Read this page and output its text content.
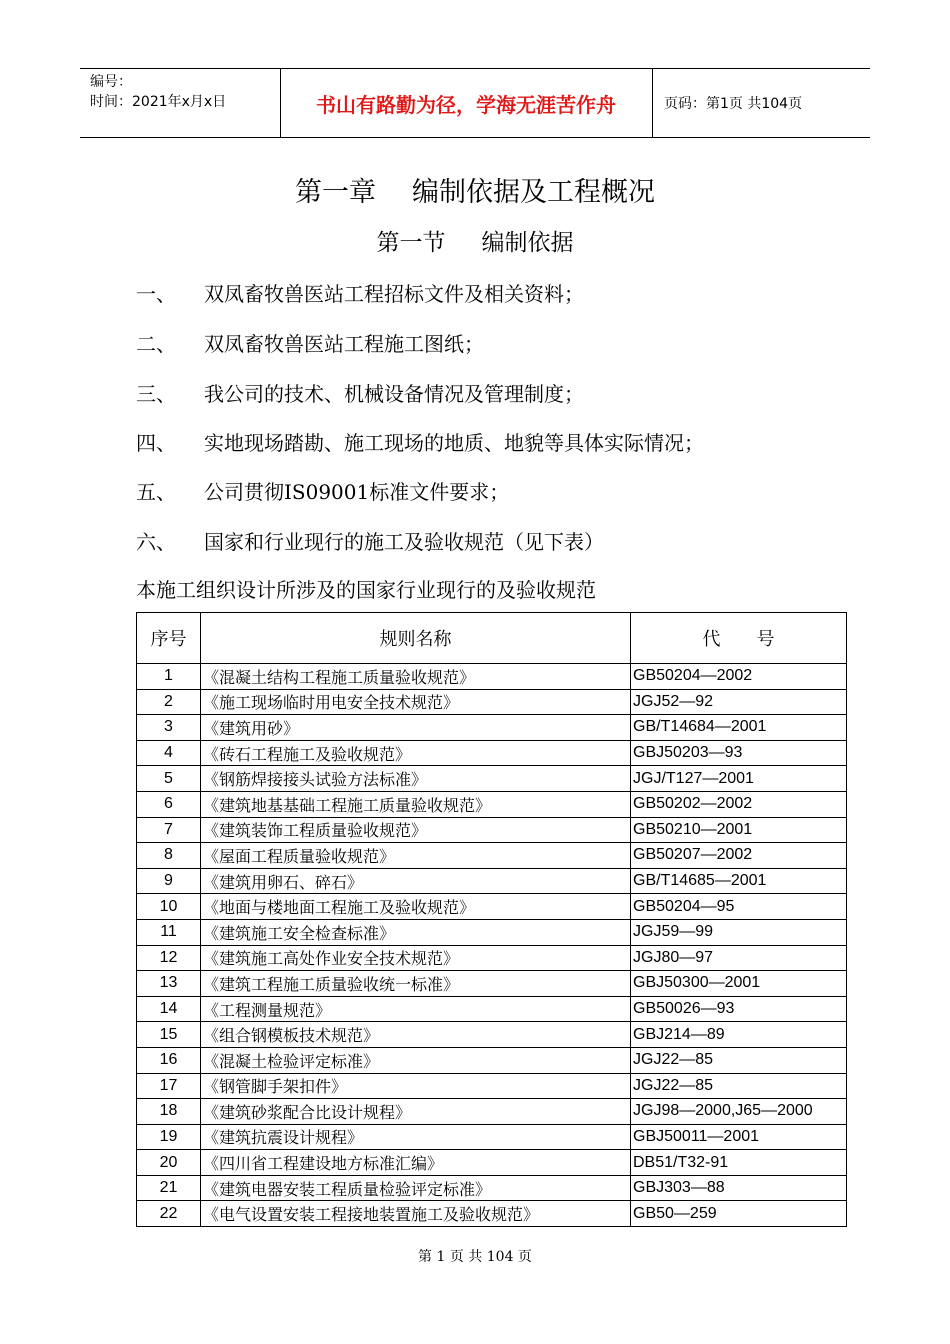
编号：
时间：2021年x月x日	书山有路勤为径，学海无涯苦作舟	页码：第1页 共104页
第一章 编制依据及工程概况
第一节 编制依据
一、 双凤畜牧兽医站工程招标文件及相关资料；
二、 双凤畜牧兽医站工程施工图纸；
三、 我公司的技术、机械设备情况及管理制度；
四、 实地现场踏勘、施工现场的地质、地貌等具体实际情况；
五、 公司贯彻IS09001标准文件要求；
六、 国家和行业现行的施工及验收规范（见下表）
本施工组织设计所涉及的国家行业现行的及验收规范
序号	规则名称	代　　号
1	《混凝土结构工程施工质量验收规范》	GB50204—2002
2	《施工现场临时用电安全技术规范》	JGJ52—92
3	《建筑用砂》	GB/T14684—2001
4	《砖石工程施工及验收规范》	GBJ50203—93
5	《钢筋焊接接头试验方法标准》	JGJ/T127—2001
6	《建筑地基基础工程施工质量验收规范》	GB50202—2002
7	《建筑装饰工程质量验收规范》	GB50210—2001
8	《屋面工程质量验收规范》	GB50207—2002
9	《建筑用卵石、碎石》	GB/T14685—2001
10	《地面与楼地面工程施工及验收规范》	GB50204—95
11	《建筑施工安全检查标准》	JGJ59—99
12	《建筑施工高处作业安全技术规范》	JGJ80—97
13	《建筑工程施工质量验收统一标准》	GBJ50300—2001
14	《工程测量规范》	GB50026—93
15	《组合钢模板技术规范》	GBJ214—89
16	《混凝土检验评定标准》	JGJ22—85
17	《钢管脚手架扣件》	JGJ22—85
18	《建筑砂浆配合比设计规程》	JGJ98—2000,J65—2000
19	《建筑抗震设计规程》	GBJ50011—2001
20	《四川省工程建设地方标准汇编》	DB51/T32-91
21	《建筑电器安装工程质量检验评定标准》	GBJ303—88
22	《电气设置安装工程接地装置施工及验收规范》	GB50—259
第 1 页 共 104 页
